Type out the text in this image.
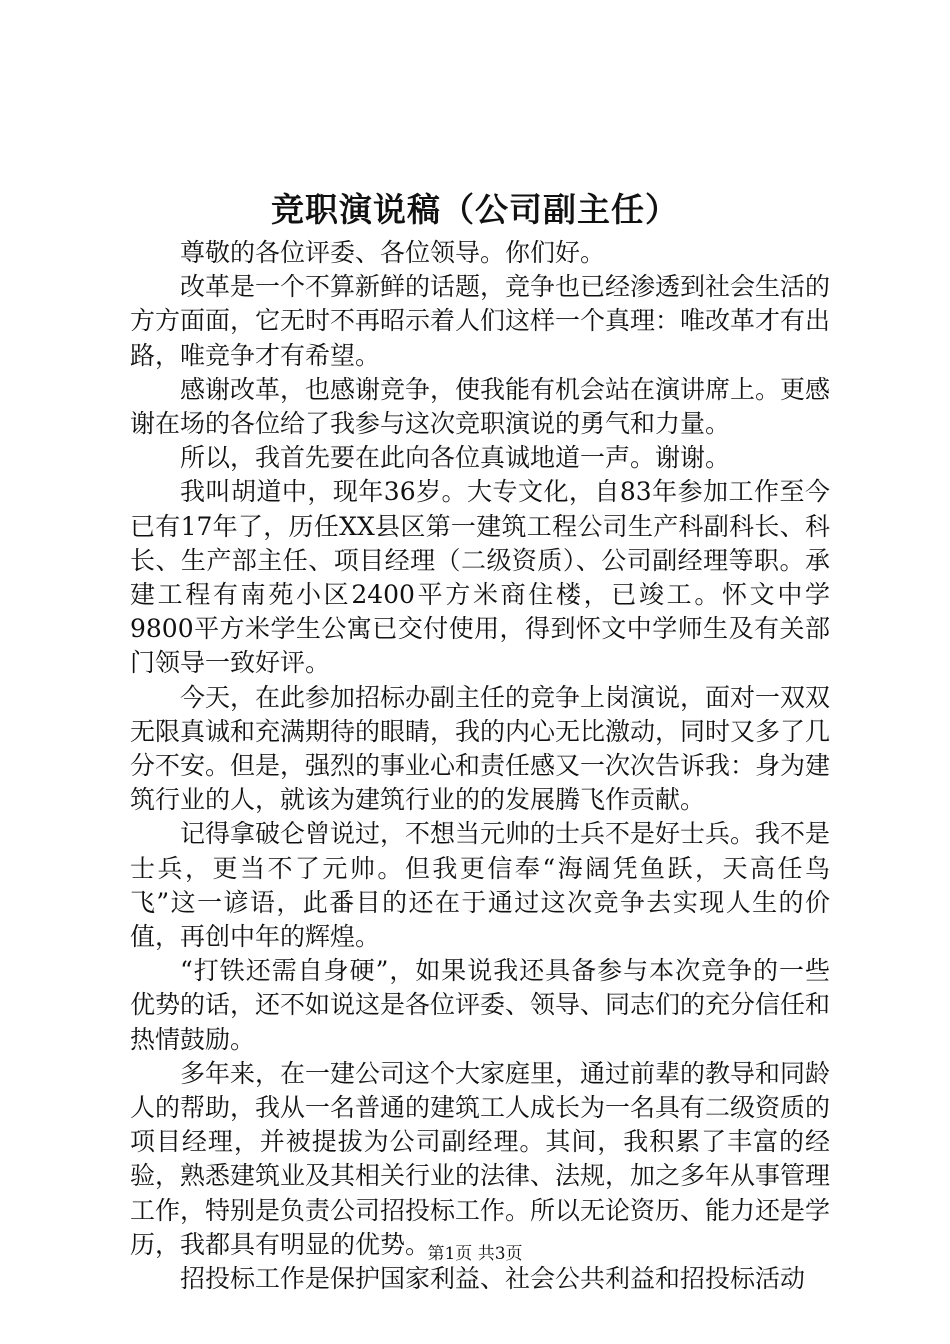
竞职演说稿（公司副主任）

尊敬的各位评委、各位领导。你们好。

改革是一个不算新鲜的话题，竞争也已经渗透到社会生活的方方面面，它无时不再昭示着人们这样一个真理：唯改革才有出路，唯竞争才有希望。

感谢改革，也感谢竞争，使我能有机会站在演讲席上。更感谢在场的各位给了我参与这次竞职演说的勇气和力量。

所以，我首先要在此向各位真诚地道一声。谢谢。

我叫胡道中，现年36岁。大专文化，自83年参加工作至今已有17年了，历任XX县区第一建筑工程公司生产科副科长、科长、生产部主任、项目经理（二级资质）、公司副经理等职。承建工程有南苑小区2400平方米商住楼，已竣工。怀文中学9800平方米学生公寓已交付使用，得到怀文中学师生及有关部门领导一致好评。

今天，在此参加招标办副主任的竞争上岗演说，面对一双双无限真诚和充满期待的眼睛，我的内心无比激动，同时又多了几分不安。但是，强烈的事业心和责任感又一次次告诉我：身为建筑行业的人，就该为建筑行业的的发展腾飞作贡献。

记得拿破仑曾说过，不想当元帅的士兵不是好士兵。我不是士兵，更当不了元帅。但我更信奉“海阔凭鱼跃，天高任鸟飞”这一谚语，此番目的还在于通过这次竞争去实现人生的价值，再创中年的辉煌。

“打铁还需自身硬”，如果说我还具备参与本次竞争的一些优势的话，还不如说这是各位评委、领导、同志们的充分信任和热情鼓励。

多年来，在一建公司这个大家庭里，通过前辈的教导和同龄人的帮助，我从一名普通的建筑工人成长为一名具有二级资质的项目经理，并被提拔为公司副经理。其间，我积累了丰富的经验，熟悉建筑业及其相关行业的法律、法规，加之多年从事管理工作，特别是负责公司招投标工作。所以无论资历、能力还是学历，我都具有明显的优势。

招投标工作是保护国家利益、社会公共利益和招投标活动

第1页 共3页
